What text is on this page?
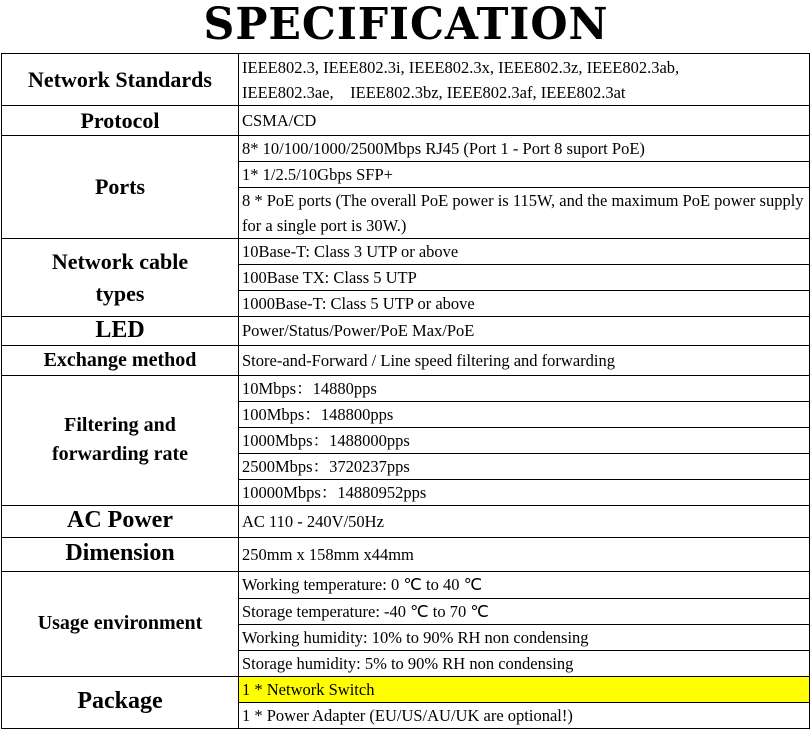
SPECIFICATION
Network Standards	IEEE802.3, IEEE802.3i, IEEE802.3x, IEEE802.3z, IEEE802.3ab,
IEEE802.3ae,　IEEE802.3bz, IEEE802.3af, IEEE802.3at

Protocol	CSMA/CD
Ports	8* 10/100/1000/2500Mbps RJ45 (Port 1 - Port 8 suport PoE)
	1* 1/2.5/10Gbps SFP+
	8 * PoE ports (The overall PoE power is 115W, and the maximum PoE power supply for a single port is 30W.)

Network cable
types	10Base-T: Class 3 UTP or above
	100Base TX: Class 5 UTP
	1000Base-T: Class 5 UTP or above
LED	Power/Status/Power/PoE Max/PoE
Exchange method	Store-and-Forward / Line speed filtering and forwarding

Filtering and
forwarding rate	10Mbps：14880pps
	100Mbps：148800pps
	1000Mbps：1488000pps
	2500Mbps：3720237pps
	10000Mbps：14880952pps
AC Power	AC 110 - 240V/50Hz
Dimension	250mm x 158mm x44mm
Usage environment	Working temperature: 0 ℃ to 40 ℃
	Storage temperature: -40 ℃ to 70 ℃
	Working humidity: 10% to 90% RH non condensing
	Storage humidity: 5% to 90% RH non condensing
Package	1 * Network Switch
	1 * Power Adapter (EU/US/AU/UK are optional!)
